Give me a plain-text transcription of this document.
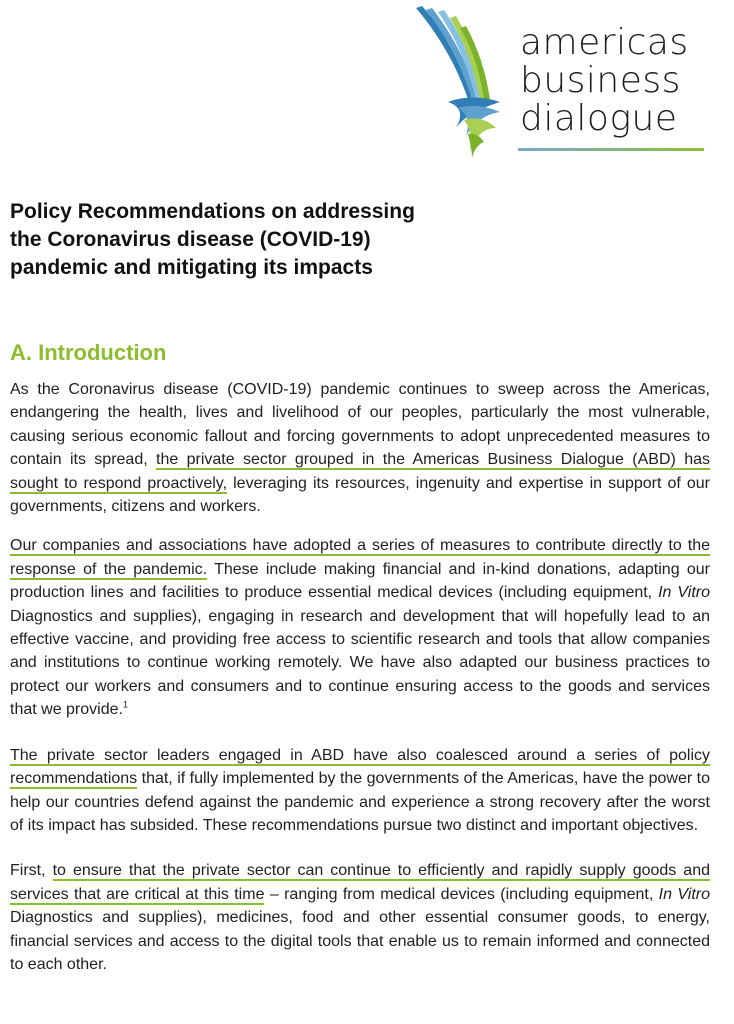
americas
business
dialogue
Policy Recommendations on addressing
the Coronavirus disease (COVID-19)
pandemic and mitigating its impacts
A. Introduction

As the Coronavirus disease (COVID-19) pandemic continues to sweep across the Americas, endangering the health, lives and livelihood of our peoples, particularly the most vulnerable, causing serious economic fallout and forcing governments to adopt unprecedented measures to contain its spread, the private sector grouped in the Americas Business Dialogue (ABD) has sought to respond proactively, leveraging its resources, ingenuity and expertise in support of our governments, citizens and workers.

Our companies and associations have adopted a series of measures to contribute directly to the response of the pandemic. These include making financial and in-kind donations, adapting our production lines and facilities to produce essential medical devices (including equipment, In Vitro Diagnostics and supplies), engaging in research and development that will hopefully lead to an effective vaccine, and providing free access to scientific research and tools that allow companies and institutions to continue working remotely. We have also adapted our business practices to protect our workers and consumers and to continue ensuring access to the goods and services that we provide.$^1$

The private sector leaders engaged in ABD have also coalesced around a series of policy recommendations that, if fully implemented by the governments of the Americas, have the power to help our countries defend against the pandemic and experience a strong recovery after the worst of its impact has subsided. These recommendations pursue two distinct and important objectives.

First, to ensure that the private sector can continue to efficiently and rapidly supply goods and services that are critical at this time – ranging from medical devices (including equipment, In Vitro Diagnostics and supplies), medicines, food and other essential consumer goods, to energy, financial services and access to the digital tools that enable us to remain informed and connected to each other.
